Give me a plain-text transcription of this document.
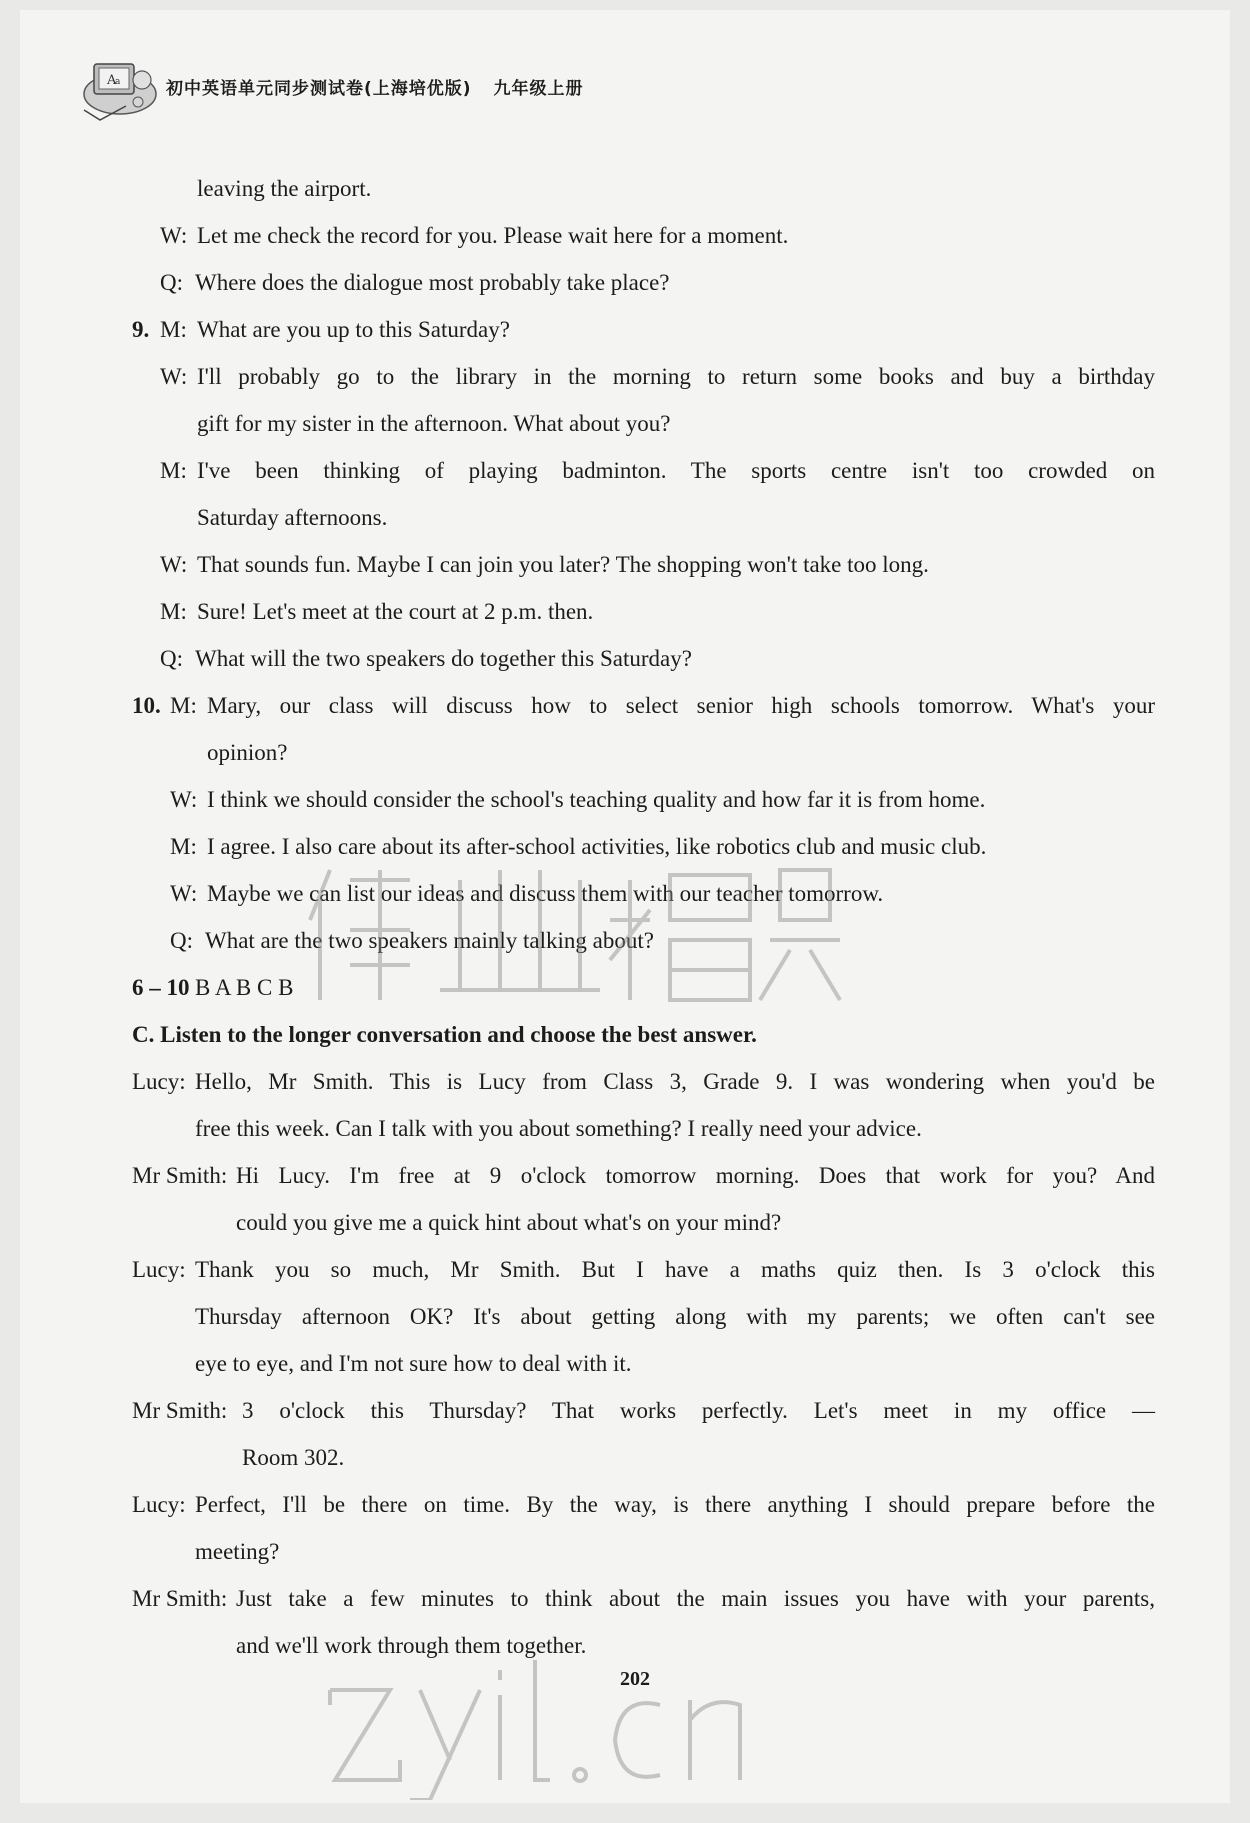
A
a	初中英语单元同步测试卷(上海培优版) 九年级上册
leaving the airport.
W: Let me check the record for you. Please wait here for a moment.
Q: Where does the dialogue most probably take place?
9. M: What are you up to this Saturday?
W: I'll probably go to the library in the morning to return some books and buy a birthday
gift for my sister in the afternoon. What about you?
M: I've been thinking of playing badminton. The sports centre isn't too crowded on
Saturday afternoons.
W: That sounds fun. Maybe I can join you later? The shopping won't take too long.
M: Sure! Let's meet at the court at 2 p.m. then.
Q: What will the two speakers do together this Saturday?
10. M: Mary, our class will discuss how to select senior high schools tomorrow. What's your
opinion?
W: I think we should consider the school's teaching quality and how far it is from home.
M: I agree. I also care about its after-school activities, like robotics club and music club.
W: Maybe we can list our ideas and discuss them with our teacher tomorrow.
Q: What are the two speakers mainly talking about?
6 – 10 B A B C B
C. Listen to the longer conversation and choose the best answer.
Lucy: Hello, Mr Smith. This is Lucy from Class 3, Grade 9. I was wondering when you'd be
free this week. Can I talk with you about something? I really need your advice.
Mr Smith: Hi Lucy. I'm free at 9 o'clock tomorrow morning. Does that work for you? And
could you give me a quick hint about what's on your mind?
Lucy: Thank you so much, Mr Smith. But I have a maths quiz then. Is 3 o'clock this
Thursday afternoon OK? It's about getting along with my parents; we often can't see
eye to eye, and I'm not sure how to deal with it.
Mr Smith: 3 o'clock this Thursday? That works perfectly. Let's meet in my office —
Room 302.
Lucy: Perfect, I'll be there on time. By the way, is there anything I should prepare before the
meeting?
Mr Smith: Just take a few minutes to think about the main issues you have with your parents,
and we'll work through them together.
202
